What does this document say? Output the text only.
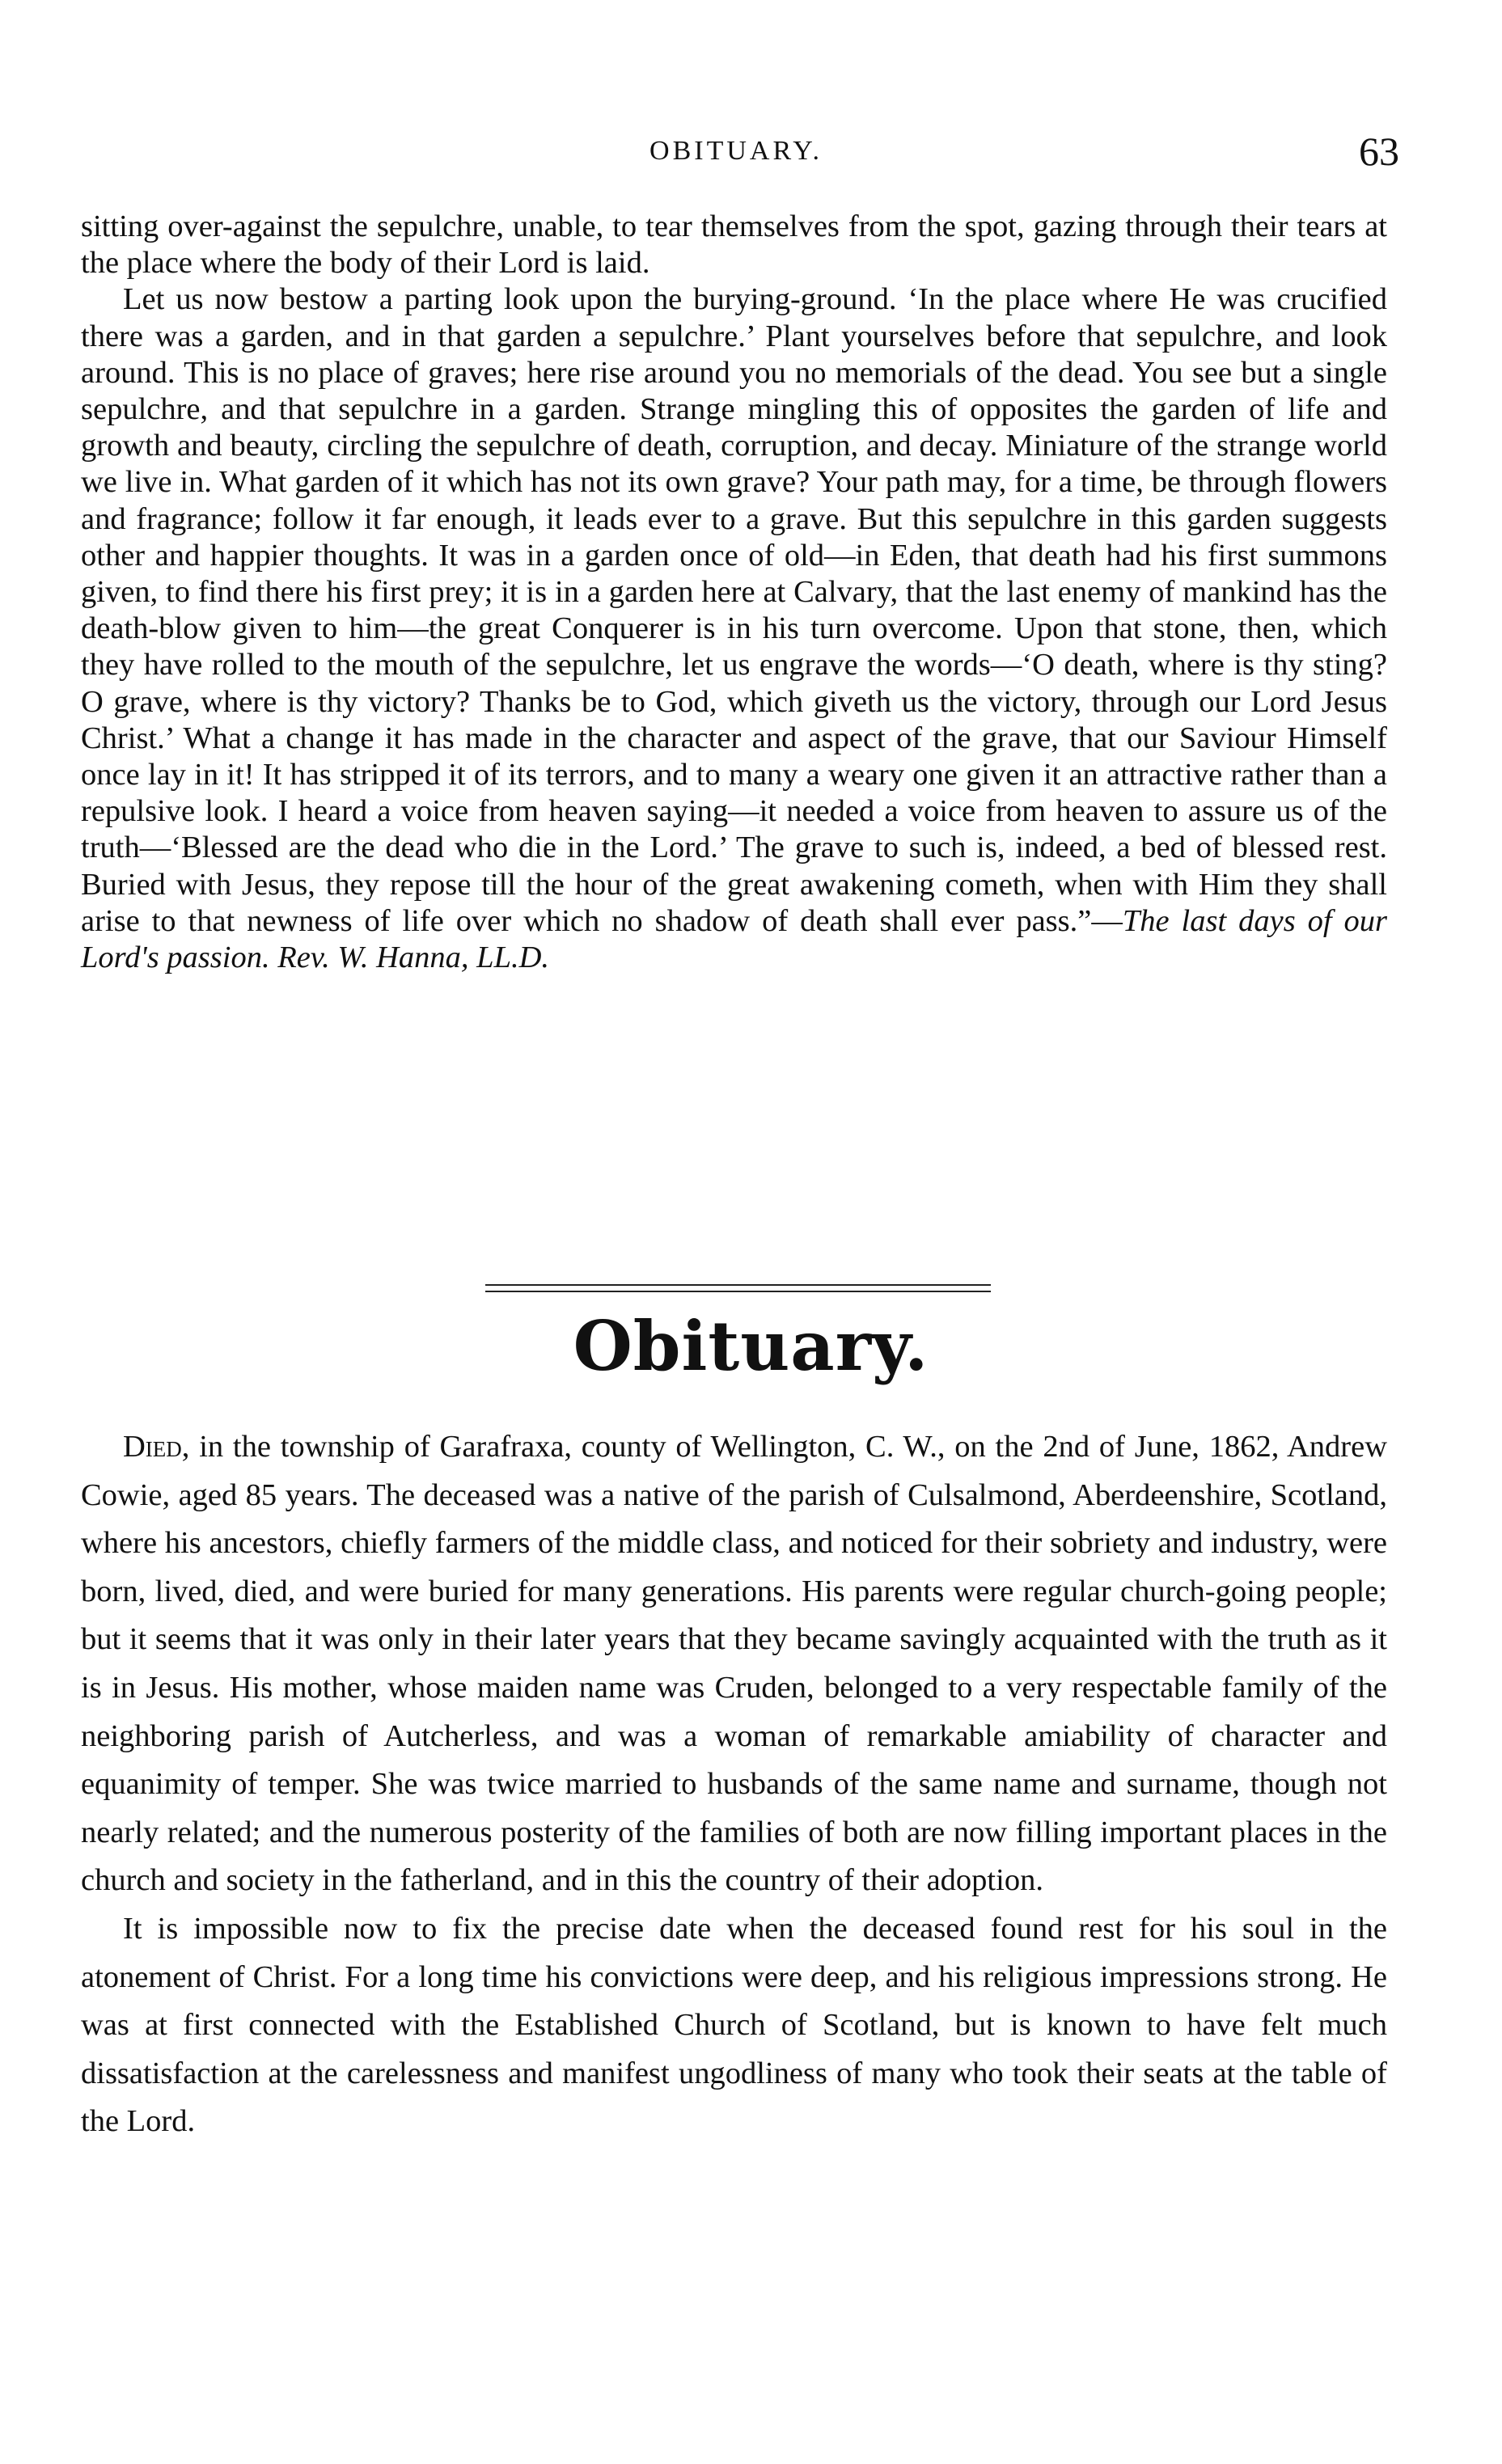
OBITUARY.	63

sitting over-against the sepulchre, unable, to tear themselves from the spot, gazing through their tears at the place where the body of their Lord is laid.

Let us now bestow a parting look upon the burying-ground. ‘In the place where He was crucified there was a garden, and in that garden a sepulchre.’ Plant yourselves before that sepulchre, and look around. This is no place of graves; here rise around you no memorials of the dead. You see but a single sepulchre, and that sepulchre in a garden. Strange mingling this of opposites the garden of life and growth and beauty, circling the sepulchre of death, corruption, and decay. Miniature of the strange world we live in. What garden of it which has not its own grave? Your path may, for a time, be through flowers and fragrance; follow it far enough, it leads ever to a grave. But this sepulchre in this garden suggests other and happier thoughts. It was in a garden once of old—in Eden, that death had his first summons given, to find there his first prey; it is in a garden here at Calvary, that the last enemy of mankind has the death-blow given to him—the great Conquerer is in his turn overcome. Upon that stone, then, which they have rolled to the mouth of the sepulchre, let us engrave the words—‘O death, where is thy sting? O grave, where is thy victory? Thanks be to God, which giveth us the victory, through our Lord Jesus Christ.’ What a change it has made in the character and aspect of the grave, that our Saviour Himself once lay in it! It has stripped it of its terrors, and to many a weary one given it an attractive rather than a repulsive look. I heard a voice from heaven saying—it needed a voice from heaven to assure us of the truth—‘Blessed are the dead who die in the Lord.’ The grave to such is, indeed, a bed of blessed rest. Buried with Jesus, they repose till the hour of the great awakening cometh, when with Him they shall arise to that newness of life over which no shadow of death shall ever pass.”—The last days of our Lord's passion. Rev. W. Hanna, LL.D.

Obituary.

Died, in the township of Garafraxa, county of Wellington, C. W., on the 2nd of June, 1862, Andrew Cowie, aged 85 years. The deceased was a native of the parish of Culsalmond, Aberdeenshire, Scotland, where his ancestors, chiefly farmers of the middle class, and noticed for their sobriety and industry, were born, lived, died, and were buried for many generations. His parents were regular church-going people; but it seems that it was only in their later years that they became savingly acquainted with the truth as it is in Jesus. His mother, whose maiden name was Cruden, belonged to a very respectable family of the neighboring parish of Autcherless, and was a woman of remarkable amiability of character and equanimity of temper. She was twice married to husbands of the same name and surname, though not nearly related; and the numerous posterity of the families of both are now filling important places in the church and society in the fatherland, and in this the country of their adoption.

It is impossible now to fix the precise date when the deceased found rest for his soul in the atonement of Christ. For a long time his convictions were deep, and his religious impressions strong. He was at first connected with the Established Church of Scotland, but is known to have felt much dissatisfaction at the carelessness and manifest ungodliness of many who took their seats at the table of the Lord.
